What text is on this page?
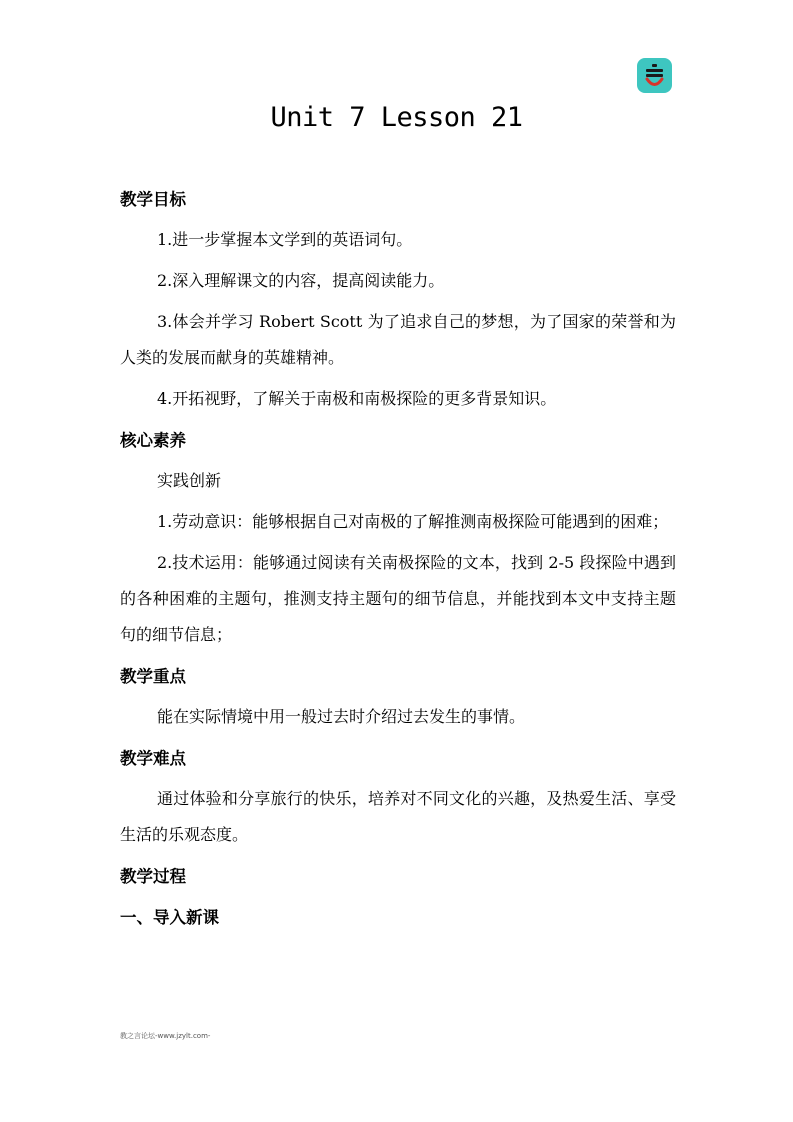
Unit 7 Lesson 21
教学目标
1.进一步掌握本文学到的英语词句。
2.深入理解课文的内容，提高阅读能力。
3.体会并学习 Robert Scott 为了追求自己的梦想，为了国家的荣誉和为人类的发展而献身的英雄精神。
4.开拓视野，了解关于南极和南极探险的更多背景知识。
核心素养
实践创新
1.劳动意识：能够根据自己对南极的了解推测南极探险可能遇到的困难；
2.技术运用：能够通过阅读有关南极探险的文本，找到 2-5 段探险中遇到的各种困难的主题句，推测支持主题句的细节信息，并能找到本文中支持主题句的细节信息；
教学重点
能在实际情境中用一般过去时介绍过去发生的事情。
教学难点
通过体验和分享旅行的快乐，培养对不同文化的兴趣，及热爱生活、享受生活的乐观态度。
教学过程
一、导入新课
教之言论坛-www.jzylt.com-
